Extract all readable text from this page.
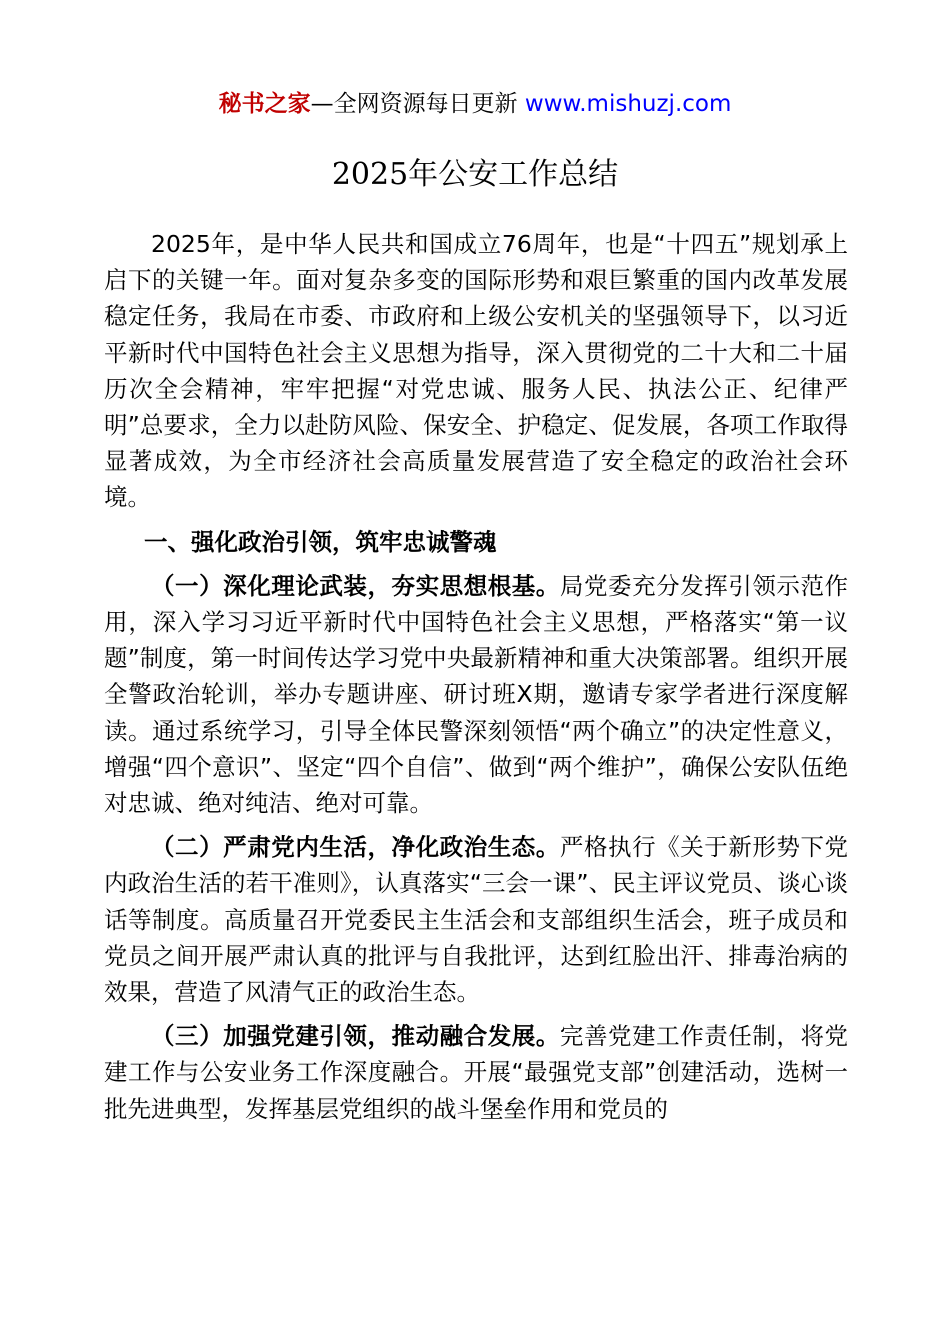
秘书之家—全网资源每日更新 www.mishuzj.com
2025年公安工作总结

2025年，是中华人民共和国成立76周年，也是“十四五”规划承上启下的关键一年。面对复杂多变的国际形势和艰巨繁重的国内改革发展稳定任务，我局在市委、市政府和上级公安机关的坚强领导下，以习近平新时代中国特色社会主义思想为指导，深入贯彻党的二十大和二十届历次全会精神，牢牢把握“对党忠诚、服务人民、执法公正、纪律严明”总要求，全力以赴防风险、保安全、护稳定、促发展，各项工作取得显著成效，为全市经济社会高质量发展营造了安全稳定的政治社会环境。

一、强化政治引领，筑牢忠诚警魂

（一）深化理论武装，夯实思想根基。局党委充分发挥引领示范作用，深入学习习近平新时代中国特色社会主义思想，严格落实“第一议题”制度，第一时间传达学习党中央最新精神和重大决策部署。组织开展全警政治轮训，举办专题讲座、研讨班X期，邀请专家学者进行深度解读。通过系统学习，引导全体民警深刻领悟“两个确立”的决定性意义，增强“四个意识”、坚定“四个自信”、做到“两个维护”，确保公安队伍绝对忠诚、绝对纯洁、绝对可靠。

（二）严肃党内生活，净化政治生态。严格执行《关于新形势下党内政治生活的若干准则》，认真落实“三会一课”、民主评议党员、谈心谈话等制度。高质量召开党委民主生活会和支部组织生活会，班子成员和党员之间开展严肃认真的批评与自我批评，达到红脸出汗、排毒治病的效果，营造了风清气正的政治生态。

（三）加强党建引领，推动融合发展。完善党建工作责任制，将党建工作与公安业务工作深度融合。开展“最强党支部”创建活动，选树一批先进典型，发挥基层党组织的战斗堡垒作用和党员的
